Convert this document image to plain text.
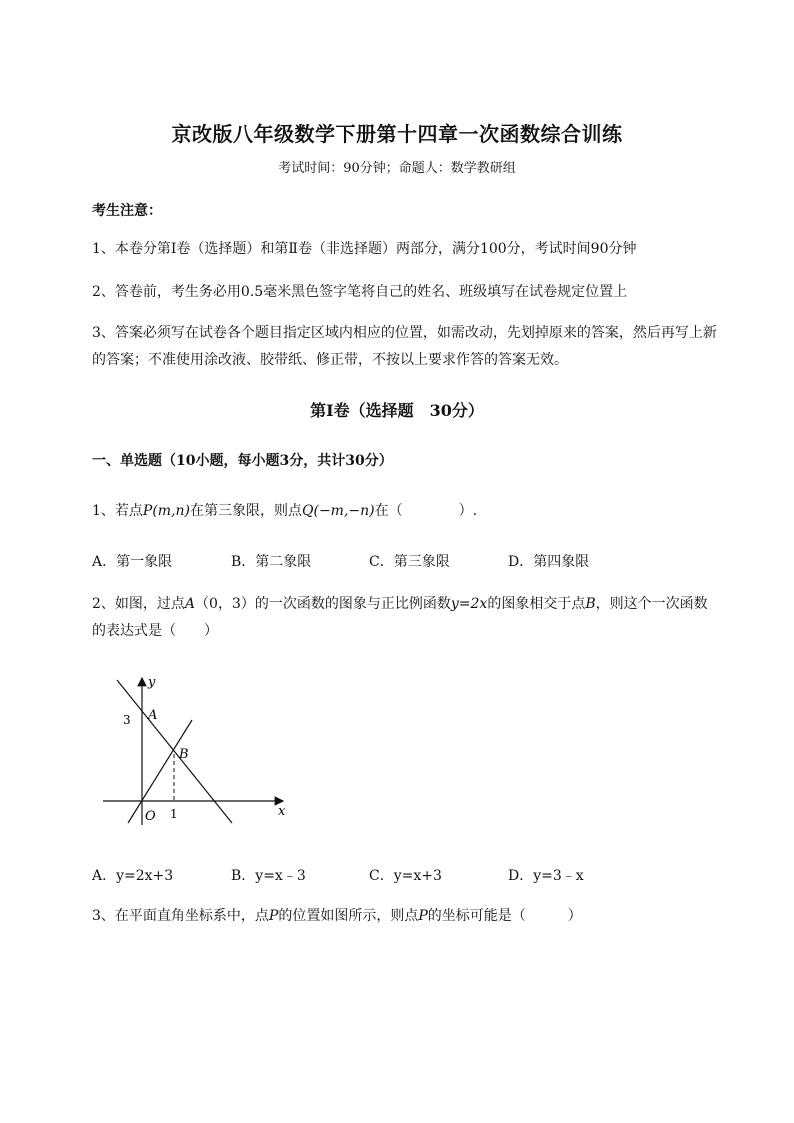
京改版八年级数学下册第十四章一次函数综合训练
考试时间：90分钟；命题人：数学教研组
考生注意：
1、本卷分第I卷（选择题）和第Ⅱ卷（非选择题）两部分，满分100分，考试时间90分钟
2、答卷前，考生务必用0.5毫米黑色签字笔将自己的姓名、班级填写在试卷规定位置上
3、答案必须写在试卷各个题目指定区域内相应的位置，如需改动，先划掉原来的答案，然后再写上新的答案；不准使用涂改液、胶带纸、修正带，不按以上要求作答的答案无效。
第I卷（选择题　30分）
一、单选题（10小题，每小题3分，共计30分）
1、若点P(m,n)在第三象限，则点Q(−m,−n)在（　　　　）.
A．第一象限	B．第二象限	C．第三象限	D．第四象限
2、如图，过点A（0，3）的一次函数的图象与正比例函数y=2x的图象相交于点B，则这个一次函数
的表达式是（　　）
y
x
O
A
B
3
1
A．y=2x+3	B．y=x﹣3	C．y=x+3	D．y=3﹣x
3、在平面直角坐标系中，点P的位置如图所示，则点P的坐标可能是（　　　）
